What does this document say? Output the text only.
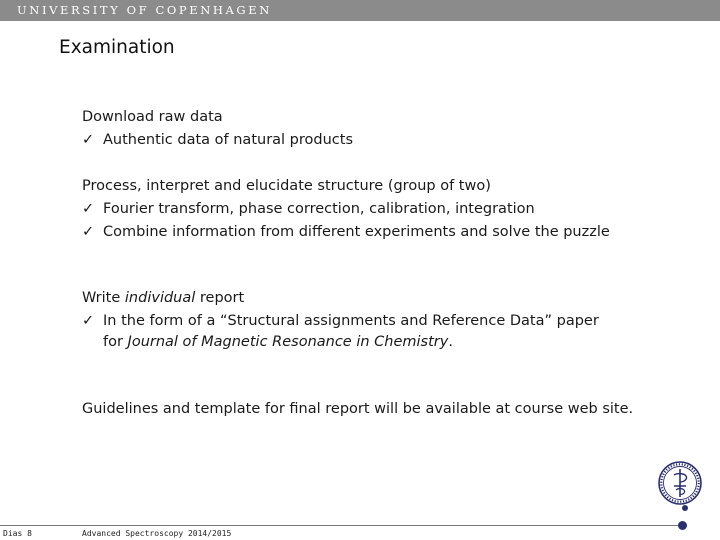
UNIVERSITY OF COPENHAGEN
Examination
Download raw data
✓ Authentic data of natural products
Process, interpret and elucidate structure (group of two)
✓ Fourier transform, phase correction, calibration, integration
✓ Combine information from different experiments and solve the puzzle
Write individual report
✓ In the form of a “Structural assignments and Reference Data” paper for Journal of Magnetic Resonance in Chemistry.
Guidelines and template for final report will be available at course web site.
Dias 8	Advanced Spectroscopy 2014/2015
